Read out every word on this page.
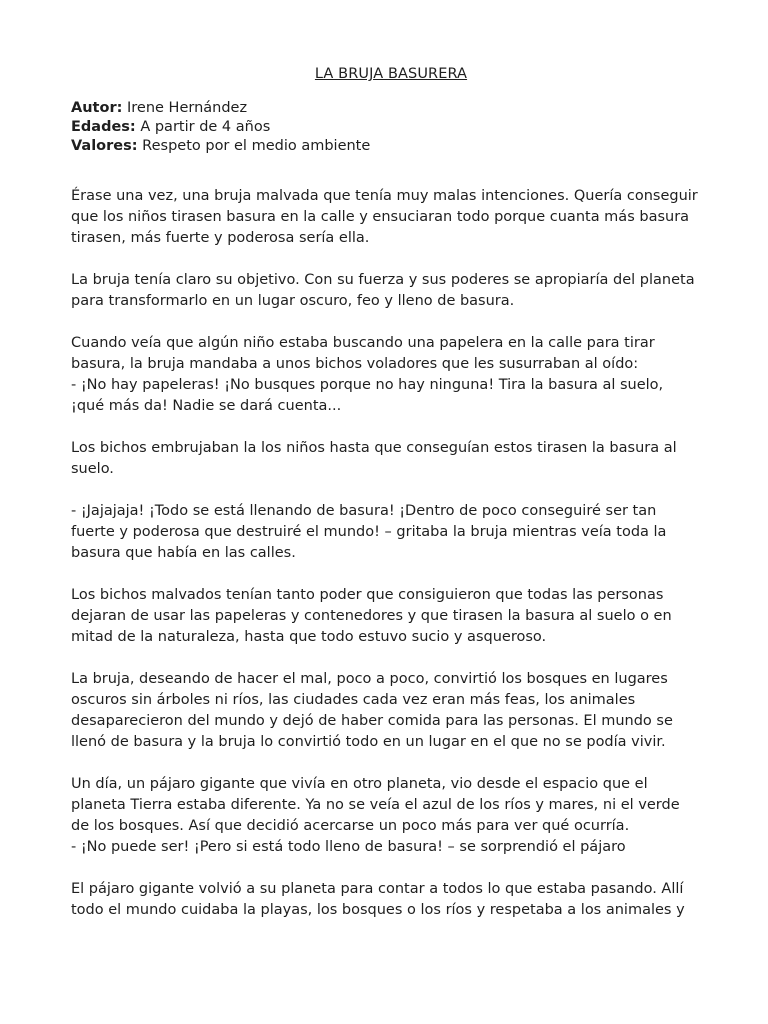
LA BRUJA BASURERA
Autor: Irene Hernández
Edades: A partir de 4 años
Valores: Respeto por el medio ambiente

Érase una vez, una bruja malvada que tenía muy malas intenciones. Quería conseguir
que los niños tirasen basura en la calle y ensuciaran todo porque cuanta más basura
tirasen, más fuerte y poderosa sería ella.

La bruja tenía claro su objetivo. Con su fuerza y sus poderes se apropiaría del planeta
para transformarlo en un lugar oscuro, feo y lleno de basura.

Cuando veía que algún niño estaba buscando una papelera en la calle para tirar
basura, la bruja mandaba a unos bichos voladores que les susurraban al oído:
- ¡No hay papeleras! ¡No busques porque no hay ninguna! Tira la basura al suelo,
¡qué más da! Nadie se dará cuenta...

Los bichos embrujaban la los niños hasta que conseguían estos tirasen la basura al
suelo.

- ¡Jajajaja! ¡Todo se está llenando de basura! ¡Dentro de poco conseguiré ser tan
fuerte y poderosa que destruiré el mundo! – gritaba la bruja mientras veía toda la
basura que había en las calles.

Los bichos malvados tenían tanto poder que consiguieron que todas las personas
dejaran de usar las papeleras y contenedores y que tirasen la basura al suelo o en
mitad de la naturaleza, hasta que todo estuvo sucio y asqueroso.

La bruja, deseando de hacer el mal, poco a poco, convirtió los bosques en lugares
oscuros sin árboles ni ríos, las ciudades cada vez eran más feas, los animales
desaparecieron del mundo y dejó de haber comida para las personas. El mundo se
llenó de basura y la bruja lo convirtió todo en un lugar en el que no se podía vivir.

Un día, un pájaro gigante que vivía en otro planeta, vio desde el espacio que el
planeta Tierra estaba diferente. Ya no se veía el azul de los ríos y mares, ni el verde
de los bosques. Así que decidió acercarse un poco más para ver qué ocurría.
- ¡No puede ser! ¡Pero si está todo lleno de basura! – se sorprendió el pájaro

El pájaro gigante volvió a su planeta para contar a todos lo que estaba pasando. Allí
todo el mundo cuidaba la playas, los bosques o los ríos y respetaba a los animales y
